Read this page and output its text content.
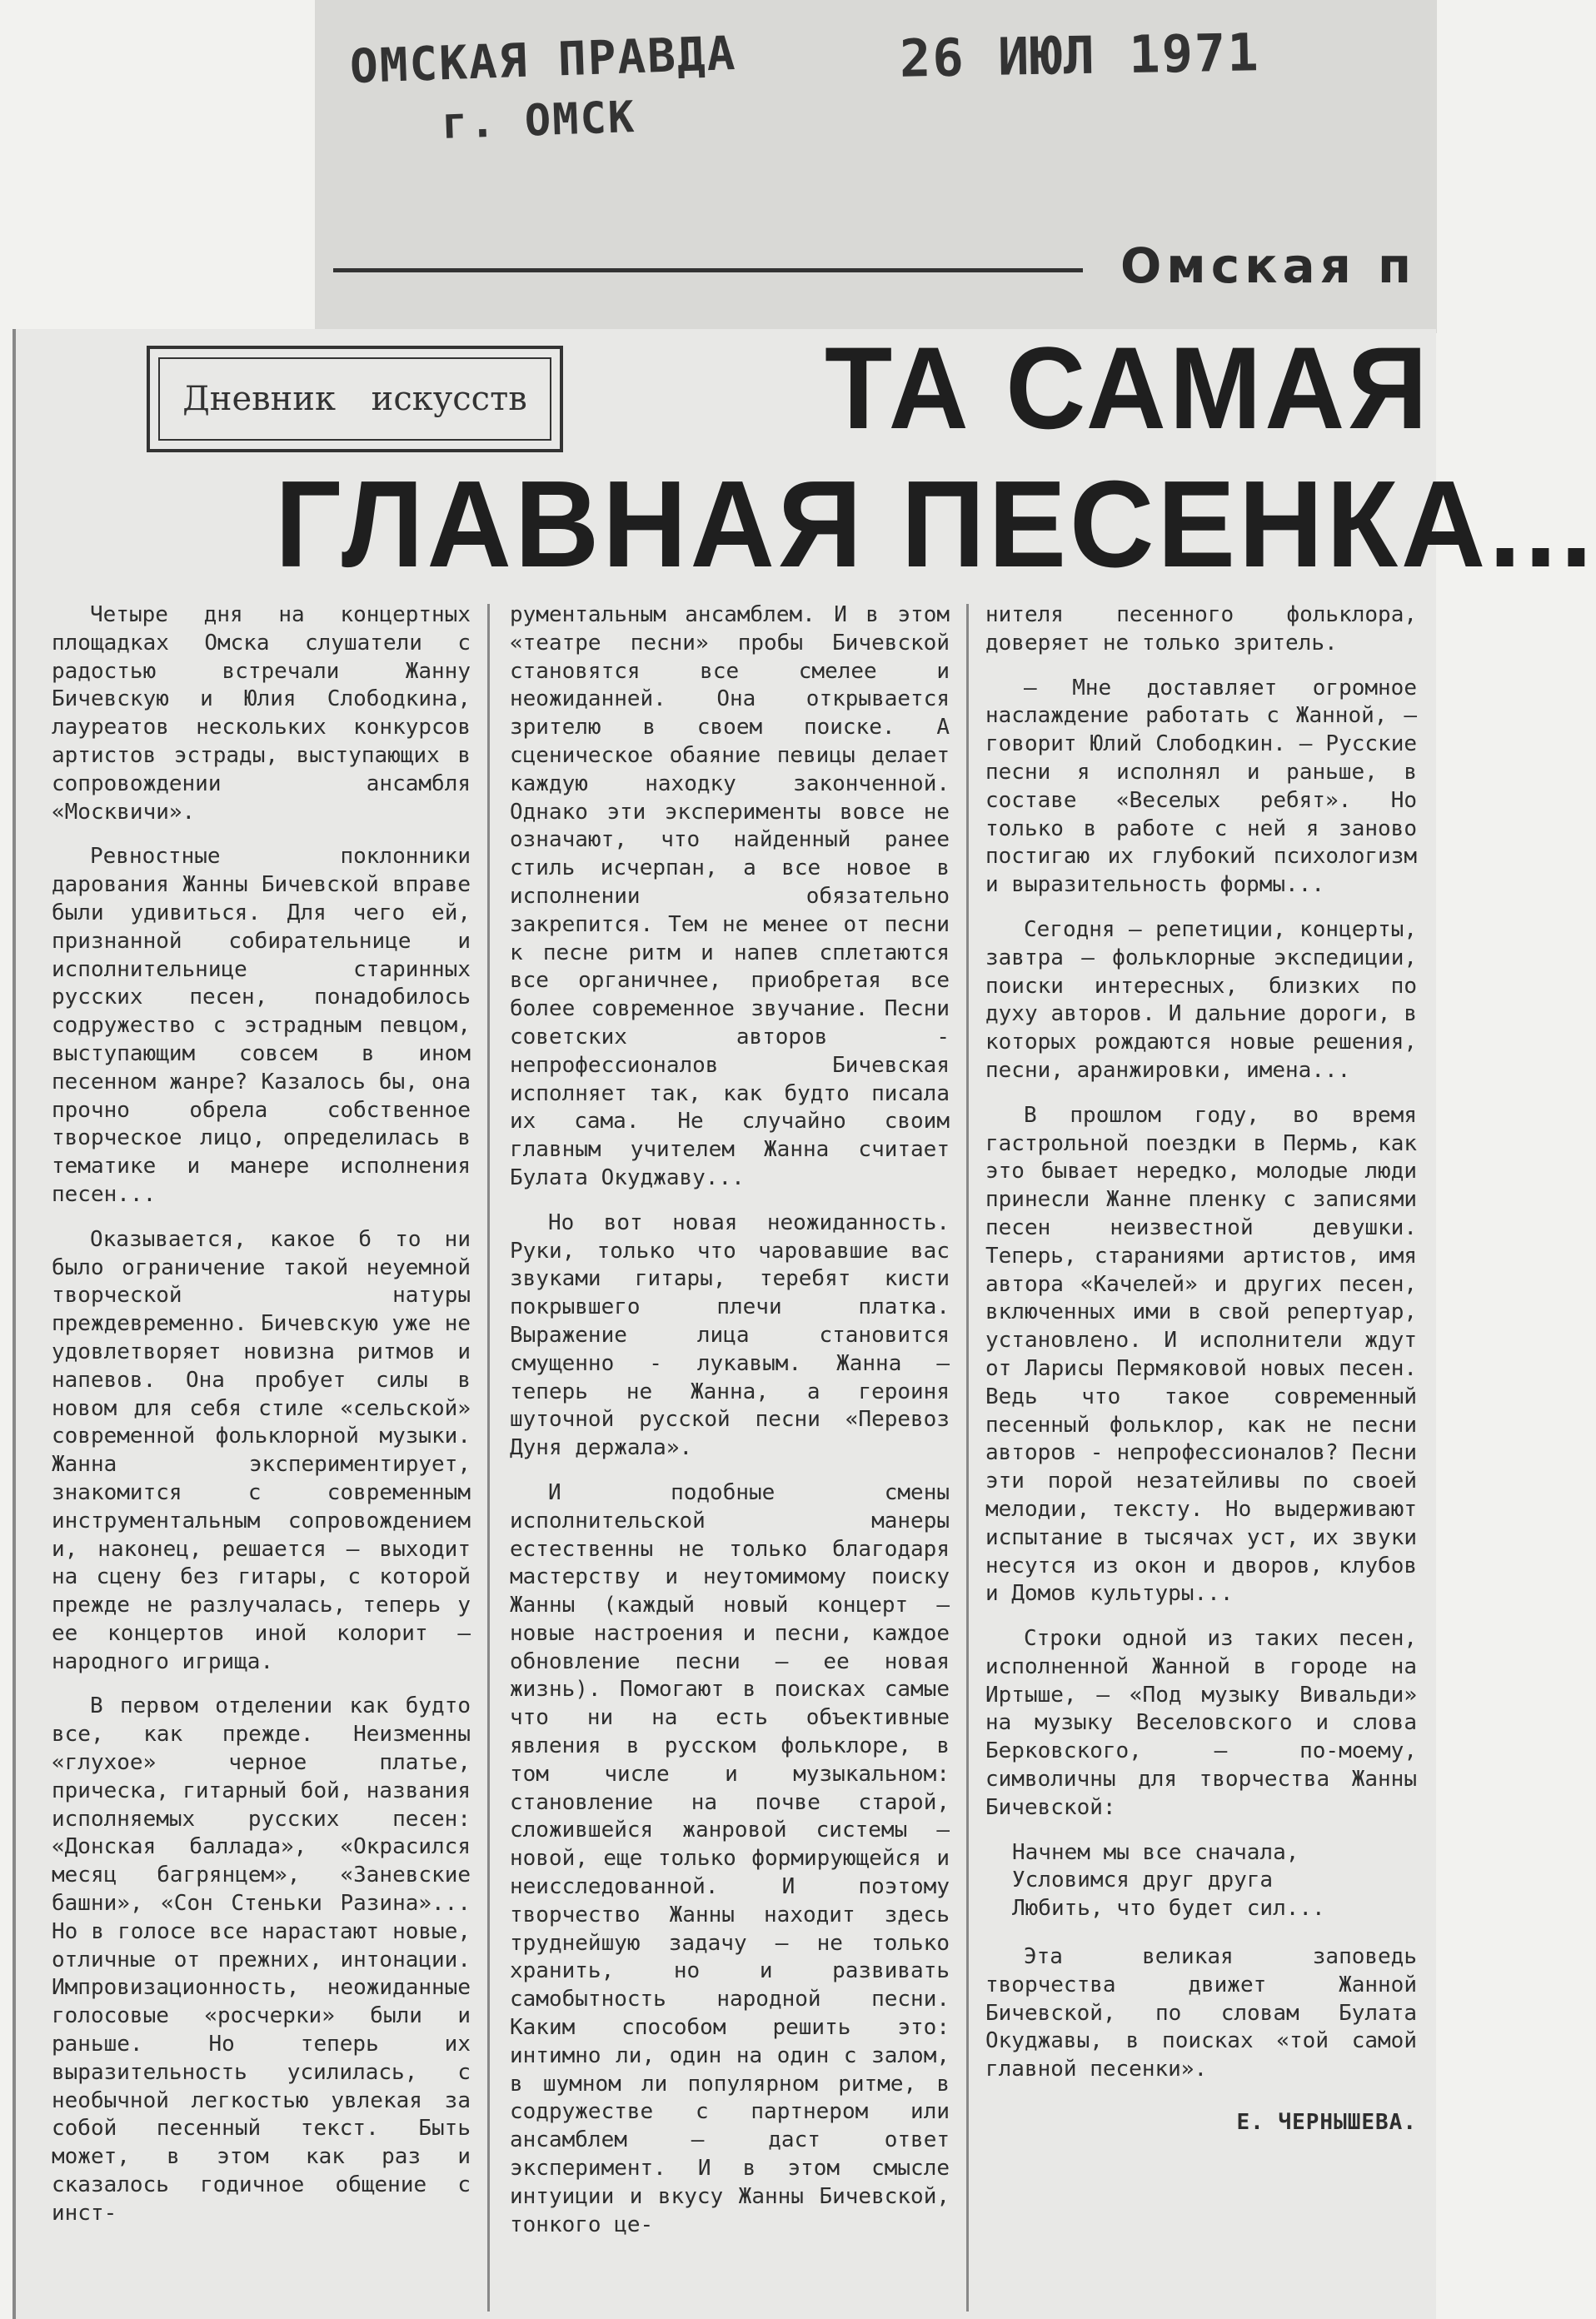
ОМСКАЯ ПРАВДА
г. ОМСК
26 ИЮЛ 1971
Омская п
Дневник искусств	ТА САМАЯ
ГЛАВНАЯ ПЕСЕНКА...

Четыре дня на концертных площадках Омска слушатели с радостью встречали Жанну Бичевскую и Юлия Слободкина, лауреатов нескольких конкурсов артистов эстрады, выступающих в сопровождении ансамбля «Москвичи».

Ревностные поклонники дарования Жанны Бичевской вправе были удивиться. Для чего ей, признанной собирательнице и исполнительнице старинных русских песен, понадобилось содружество с эстрадным певцом, выступающим совсем в ином песенном жанре? Казалось бы, она прочно обрела собственное творческое лицо, определилась в тематике и манере исполнения песен...

Оказывается, какое б то ни было ограничение такой неуемной творческой натуры преждевременно. Бичевскую уже не удовлетворяет новизна ритмов и напевов. Она пробует силы в новом для себя стиле «сельской» современной фольклорной музыки. Жанна экспериментирует, знакомится с современным инструментальным сопровождением и, наконец, решается — выходит на сцену без гитары, с которой прежде не разлучалась, теперь у ее концертов иной колорит — народного игрища.

В первом отделении как будто все, как прежде. Неизменны «глухое» черное платье, прическа, гитарный бой, названия исполняемых русских песен: «Донская баллада», «Окрасился месяц багрянцем», «Заневские башни», «Сон Стеньки Разина»... Но в голосе все нарастают новые, отличные от прежних, интонации. Импровизационность, неожиданные голосовые «росчерки» были и раньше. Но теперь их выразительность усилилась, с необычной легкостью увлекая за собой песенный текст. Быть может, в этом как раз и сказалось годичное общение с инст-

рументальным ансамблем. И в этом «театре песни» пробы Бичевской становятся все смелее и неожиданней. Она открывается зрителю в своем поиске. А сценическое обаяние певицы делает каждую находку законченной. Однако эти эксперименты вовсе не означают, что найденный ранее стиль исчерпан, а все новое в исполнении обязательно закрепится. Тем не менее от песни к песне ритм и напев сплетаются все органичнее, приобретая все более современное звучание. Песни советских авторов - непрофессионалов Бичевская исполняет так, как будто писала их сама. Не случайно своим главным учителем Жанна считает Булата Окуджаву...

Но вот новая неожиданность. Руки, только что чаровавшие вас звуками гитары, теребят кисти покрывшего плечи платка. Выражение лица становится смущенно - лукавым. Жанна — теперь не Жанна, а героиня шуточной русской песни «Перевоз Дуня держала».

И подобные смены исполнительской манеры естественны не только благодаря мастерству и неутомимому поиску Жанны (каждый новый концерт — новые настроения и песни, каждое обновление песни — ее новая жизнь). Помогают в поисках самые что ни на есть объективные явления в русском фольклоре, в том числе и музыкальном: становление на почве старой, сложившейся жанровой системы — новой, еще только формирующейся и неисследованной. И поэтому творчество Жанны находит здесь труднейшую задачу — не только хранить, но и развивать самобытность народной песни. Каким способом решить это: интимно ли, один на один с залом, в шумном ли популярном ритме, в содружестве с партнером или ансамблем — даст ответ эксперимент. И в этом смысле интуиции и вкусу Жанны Бичевской, тонкого це-

нителя песенного фольклора, доверяет не только зритель.

— Мне доставляет огромное наслаждение работать с Жанной, — говорит Юлий Слободкин. — Русские песни я исполнял и раньше, в составе «Веселых ребят». Но только в работе с ней я заново постигаю их глубокий психологизм и выразительность формы...

Сегодня — репетиции, концерты, завтра — фольклорные экспедиции, поиски интересных, близких по духу авторов. И дальние дороги, в которых рождаются новые решения, песни, аранжировки, имена...

В прошлом году, во время гастрольной поездки в Пермь, как это бывает нередко, молодые люди принесли Жанне пленку с записями песен неизвестной девушки. Теперь, стараниями артистов, имя автора «Качелей» и других песен, включенных ими в свой репертуар, установлено. И исполнители ждут от Ларисы Пермяковой новых песен. Ведь что такое современный песенный фольклор, как не песни авторов - непрофессионалов? Песни эти порой незатейливы по своей мелодии, тексту. Но выдерживают испытание в тысячах уст, их звуки несутся из окон и дворов, клубов и Домов культуры...

Строки одной из таких песен, исполненной Жанной в городе на Иртыше, — «Под музыку Вивальди» на музыку Веселовского и слова Берковского, — по-моему, символичны для творчества Жанны Бичевской:

Начнем мы все сначала,
Условимся друг друга
Любить, что будет сил...

Эта великая заповедь творчества движет Жанной Бичевской, по словам Булата Окуджавы, в поисках «той самой главной песенки».

Е. ЧЕРНЫШЕВА.
